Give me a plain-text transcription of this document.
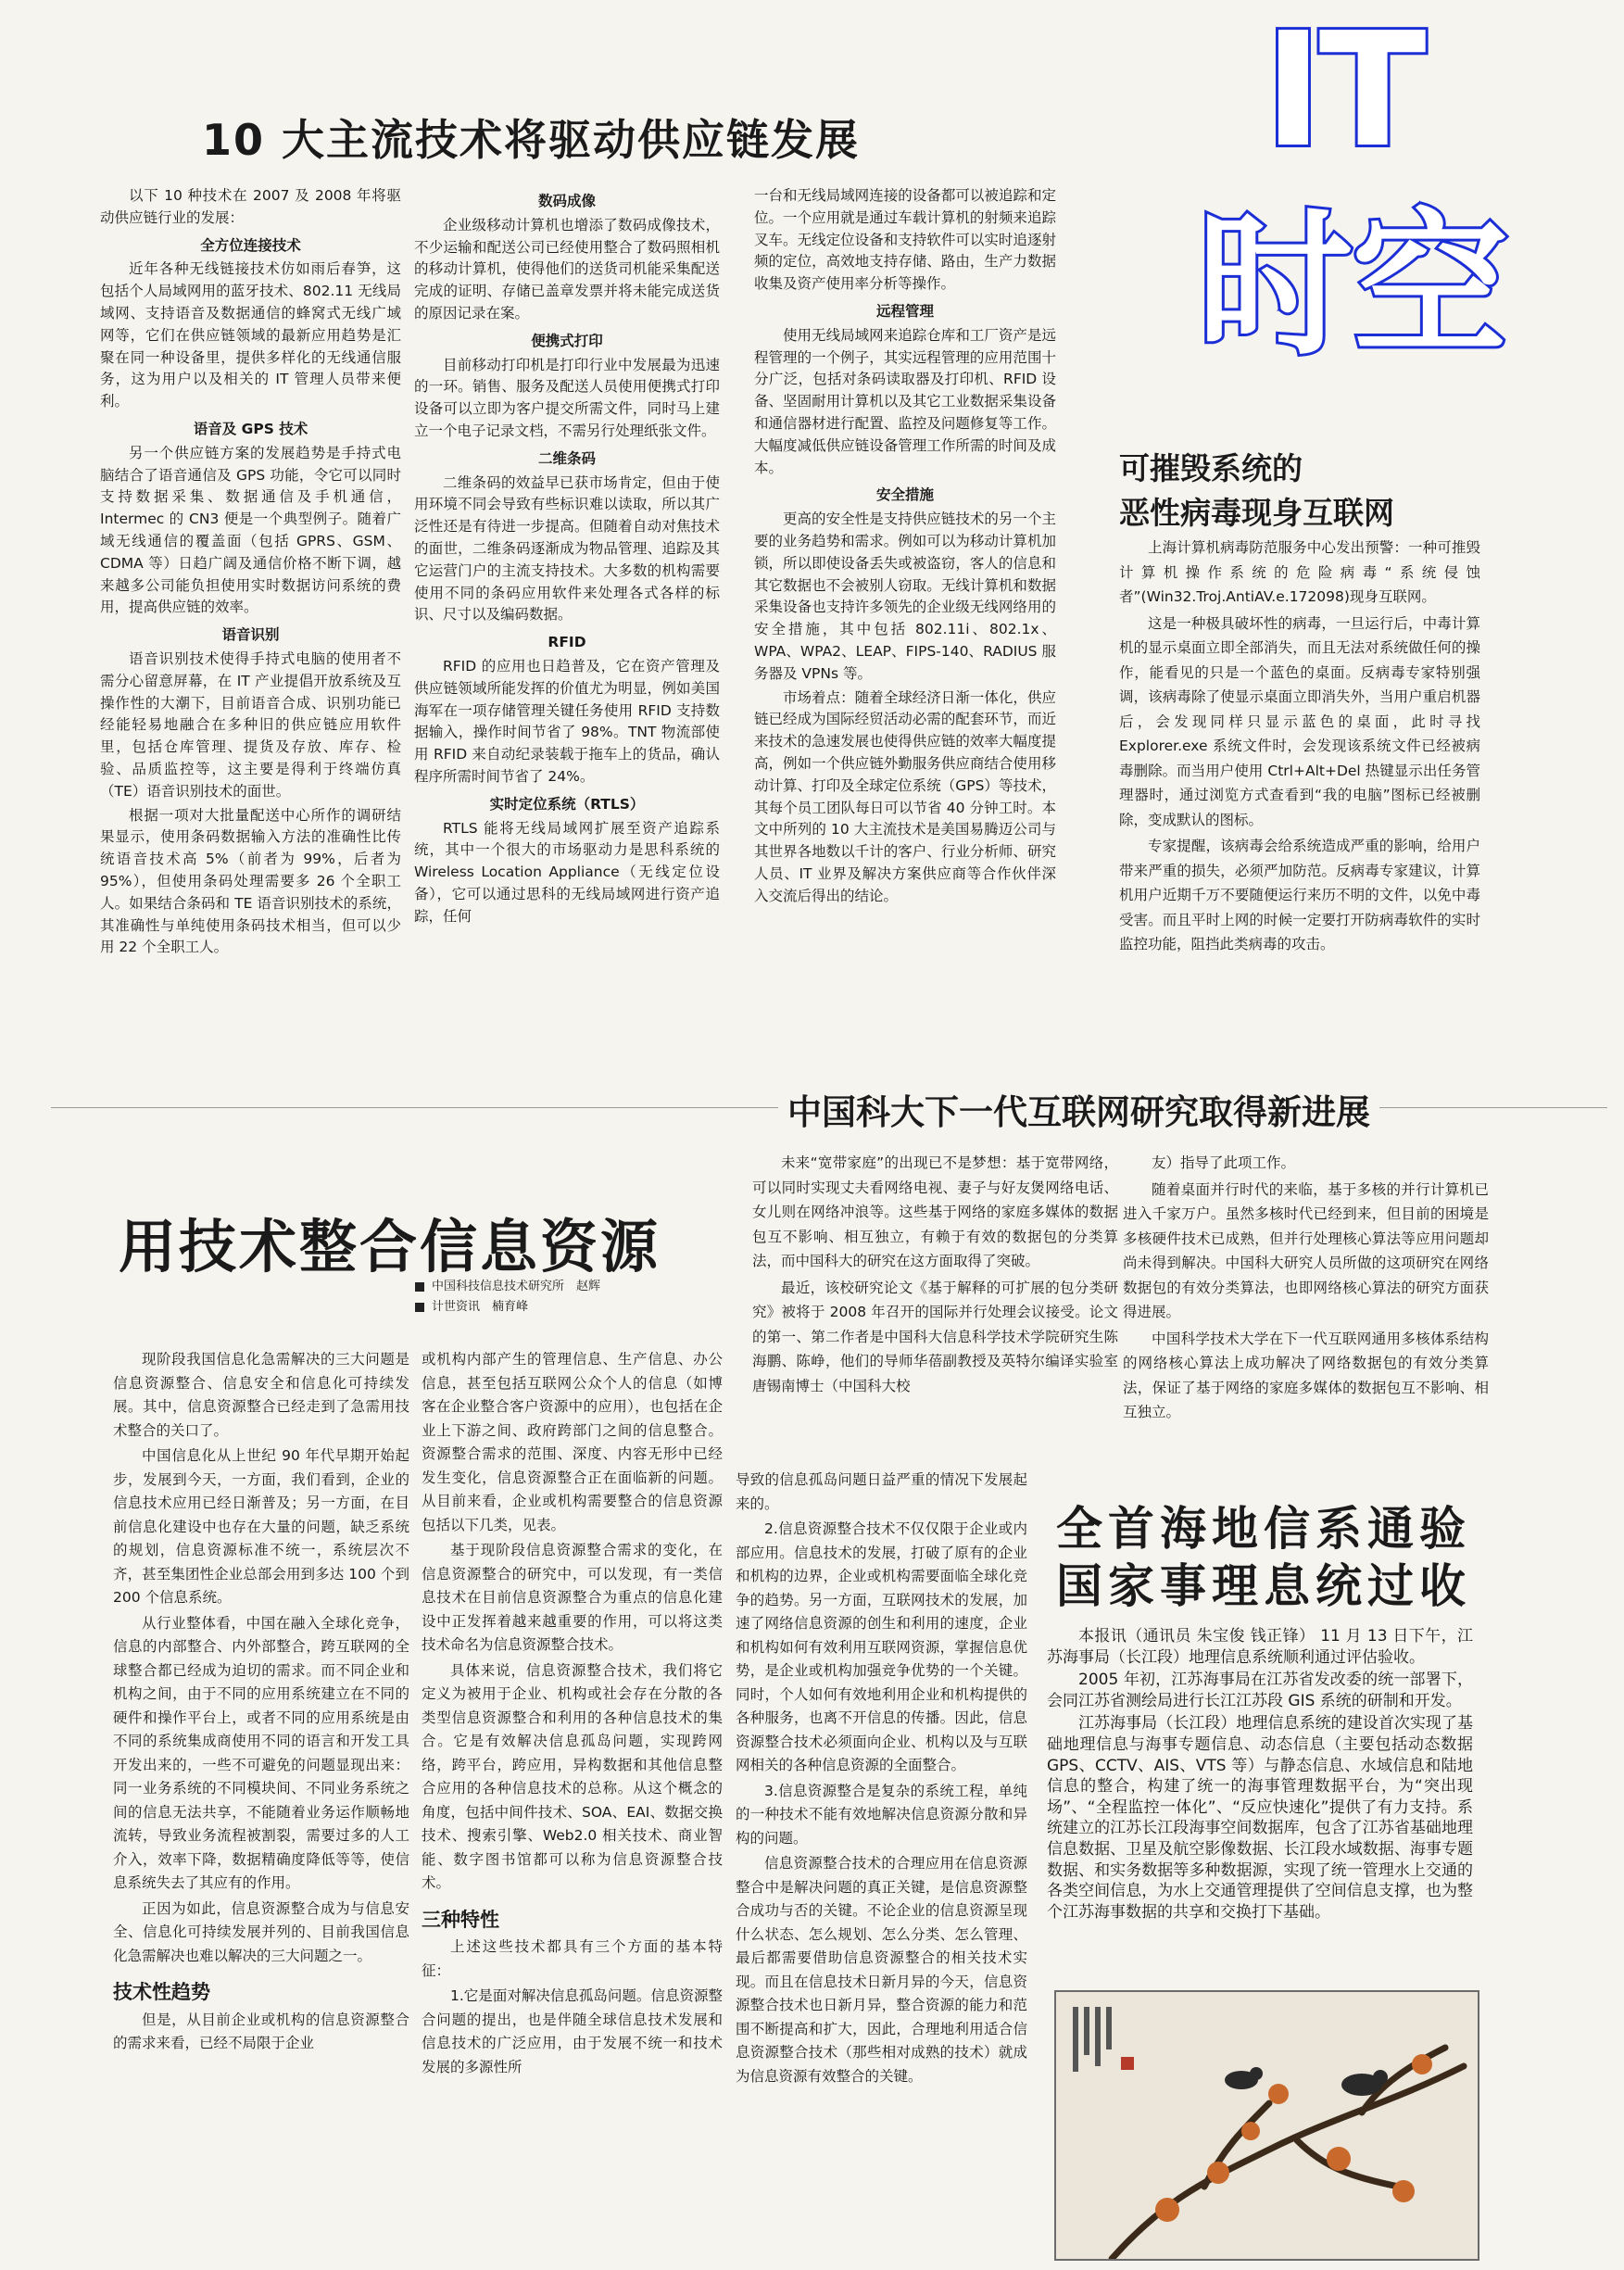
10 大主流技术将驱动供应链发展

以下 10 种技术在 2007 及 2008 年将驱动供应链行业的发展：

全方位连接技术

近年各种无线链接技术仿如雨后春笋，这包括个人局域网用的蓝牙技术、802.11 无线局域网、支持语音及数据通信的蜂窝式无线广域网等，它们在供应链领域的最新应用趋势是汇聚在同一种设备里，提供多样化的无线通信服务，这为用户以及相关的 IT 管理人员带来便利。

语音及 GPS 技术

另一个供应链方案的发展趋势是手持式电脑结合了语音通信及 GPS 功能，令它可以同时支持数据采集、数据通信及手机通信，Intermec 的 CN3 便是一个典型例子。随着广域无线通信的覆盖面（包括 GPRS、GSM、CDMA 等）日趋广阔及通信价格不断下调，越来越多公司能负担使用实时数据访问系统的费用，提高供应链的效率。

语音识别

语音识别技术使得手持式电脑的使用者不需分心留意屏幕，在 IT 产业提倡开放系统及互操作性的大潮下，目前语音合成、识别功能已经能轻易地融合在多种旧的供应链应用软件里，包括仓库管理、提货及存放、库存、检验、品质监控等，这主要是得利于终端仿真（TE）语音识别技术的面世。

根据一项对大批量配送中心所作的调研结果显示，使用条码数据输入方法的准确性比传统语音技术高 5%（前者为 99%，后者为 95%），但使用条码处理需要多 26 个全职工人。如果结合条码和 TE 语音识别技术的系统，其准确性与单纯使用条码技术相当，但可以少用 22 个全职工人。

数码成像

企业级移动计算机也增添了数码成像技术，不少运输和配送公司已经使用整合了数码照相机的移动计算机，使得他们的送货司机能采集配送完成的证明、存储已盖章发票并将未能完成送货的原因记录在案。

便携式打印

目前移动打印机是打印行业中发展最为迅速的一环。销售、服务及配送人员使用便携式打印设备可以立即为客户提交所需文件，同时马上建立一个电子记录文档，不需另行处理纸张文件。

二维条码

二维条码的效益早已获市场肯定，但由于使用环境不同会导致有些标识难以读取，所以其广泛性还是有待进一步提高。但随着自动对焦技术的面世，二维条码逐渐成为物品管理、追踪及其它运营门户的主流支持技术。大多数的机构需要使用不同的条码应用软件来处理各式各样的标识、尺寸以及编码数据。

RFID

RFID 的应用也日趋普及，它在资产管理及供应链领域所能发挥的价值尤为明显，例如美国海军在一项存储管理关键任务使用 RFID 支持数据输入，操作时间节省了 98%。TNT 物流部使用 RFID 来自动纪录装载于拖车上的货品，确认程序所需时间节省了 24%。

实时定位系统（RTLS）

RTLS 能将无线局域网扩展至资产追踪系统，其中一个很大的市场驱动力是思科系统的 Wireless Location Appliance（无线定位设备），它可以通过思科的无线局域网进行资产追踪，任何

一台和无线局域网连接的设备都可以被追踪和定位。一个应用就是通过车载计算机的射频来追踪叉车。无线定位设备和支持软件可以实时追逐射频的定位，高效地支持存储、路由，生产力数据收集及资产使用率分析等操作。

远程管理

使用无线局域网来追踪仓库和工厂资产是远程管理的一个例子，其实远程管理的应用范围十分广泛，包括对条码读取器及打印机、RFID 设备、坚固耐用计算机以及其它工业数据采集设备和通信器材进行配置、监控及问题修复等工作。大幅度减低供应链设备管理工作所需的时间及成本。

安全措施

更高的安全性是支持供应链技术的另一个主要的业务趋势和需求。例如可以为移动计算机加锁，所以即使设备丢失或被盗窃，客人的信息和其它数据也不会被别人窃取。无线计算机和数据采集设备也支持许多领先的企业级无线网络用的安全措施，其中包括 802.11i、802.1x、WPA、WPA2、LEAP、FIPS-140、RADIUS 服务器及 VPNs 等。

市场着点：随着全球经济日渐一体化，供应链已经成为国际经贸活动必需的配套环节，而近来技术的急速发展也使得供应链的效率大幅度提高，例如一个供应链外勤服务供应商结合使用移动计算、打印及全球定位系统（GPS）等技术，其每个员工团队每日可以节省 40 分钟工时。本文中所列的 10 大主流技术是美国易腾迈公司与其世界各地数以千计的客户、行业分析师、研究人员、IT 业界及解决方案供应商等合作伙伴深入交流后得出的结论。

IT
时空
可摧毁系统的
恶性病毒现身互联网

上海计算机病毒防范服务中心发出预警：一种可推毁计算机操作系统的危险病毒“系统侵蚀者”(Win32.Troj.AntiAV.e.172098)现身互联网。

这是一种极具破坏性的病毒，一旦运行后，中毒计算机的显示桌面立即全部消失，而且无法对系统做任何的操作，能看见的只是一个蓝色的桌面。反病毒专家特别强调，该病毒除了使显示桌面立即消失外，当用户重启机器后，会发现同样只显示蓝色的桌面，此时寻找 Explorer.exe 系统文件时，会发现该系统文件已经被病毒删除。而当用户使用 Ctrl+Alt+Del 热键显示出任务管理器时，通过浏览方式查看到“我的电脑”图标已经被删除，变成默认的图标。

专家提醒，该病毒会给系统造成严重的影响，给用户带来严重的损失，必须严加防范。反病毒专家建议，计算机用户近期千万不要随便运行来历不明的文件，以免中毒受害。而且平时上网的时候一定要打开防病毒软件的实时监控功能，阻挡此类病毒的攻击。

中国科大下一代互联网研究取得新进展

未来“宽带家庭”的出现已不是梦想：基于宽带网络，可以同时实现丈夫看网络电视、妻子与好友煲网络电话、女儿则在网络冲浪等。这些基于网络的家庭多媒体的数据包互不影响、相互独立，有赖于有效的数据包的分类算法，而中国科大的研究在这方面取得了突破。

最近，该校研究论文《基于解释的可扩展的包分类研究》被将于 2008 年召开的国际并行处理会议接受。论文的第一、第二作者是中国科大信息科学技术学院研究生陈海鹏、陈峥，他们的导师华蓓副教授及英特尔编译实验室唐锡南博士（中国科大校

友）指导了此项工作。

随着桌面并行时代的来临，基于多核的并行计算机已进入千家万户。虽然多核时代已经到来，但目前的困境是多核硬件技术已成熟，但并行处理核心算法等应用问题却尚未得到解决。中国科大研究人员所做的这项研究在网络数据包的有效分类算法，也即网络核心算法的研究方面获得进展。

中国科学技术大学在下一代互联网通用多核体系结构的网络核心算法上成功解决了网络数据包的有效分类算法，保证了基于网络的家庭多媒体的数据包互不影响、相互独立。

用技术整合信息资源
中国科技信息技术研究所　赵辉
计世资讯　楠育峰

现阶段我国信息化急需解决的三大问题是信息资源整合、信息安全和信息化可持续发展。其中，信息资源整合已经走到了急需用技术整合的关口了。

中国信息化从上世纪 90 年代早期开始起步，发展到今天，一方面，我们看到，企业的信息技术应用已经日渐普及；另一方面，在目前信息化建设中也存在大量的问题，缺乏系统的规划，信息资源标准不统一，系统层次不齐，甚至集团性企业总部会用到多达 100 个到 200 个信息系统。

从行业整体看，中国在融入全球化竞争，信息的内部整合、内外部整合，跨互联网的全球整合都已经成为迫切的需求。而不同企业和机构之间，由于不同的应用系统建立在不同的硬件和操作平台上，或者不同的应用系统是由不同的系统集成商使用不同的语言和开发工具开发出来的，一些不可避免的问题显现出来：同一业务系统的不同模块间、不同业务系统之间的信息无法共享，不能随着业务运作顺畅地流转，导致业务流程被割裂，需要过多的人工介入，效率下降，数据精确度降低等等，使信息系统失去了其应有的作用。

正因为如此，信息资源整合成为与信息安全、信息化可持续发展并列的、目前我国信息化急需解决也难以解决的三大问题之一。

技术性趋势

但是，从目前企业或机构的信息资源整合的需求来看，已经不局限于企业

或机构内部产生的管理信息、生产信息、办公信息，甚至包括互联网公众个人的信息（如博客在企业整合客户资源中的应用），也包括在企业上下游之间、政府跨部门之间的信息整合。资源整合需求的范围、深度、内容无形中已经发生变化，信息资源整合正在面临新的问题。从目前来看，企业或机构需要整合的信息资源包括以下几类，见表。

基于现阶段信息资源整合需求的变化，在信息资源整合的研究中，可以发现，有一类信息技术在目前信息资源整合为重点的信息化建设中正发挥着越来越重要的作用，可以将这类技术命名为信息资源整合技术。

具体来说，信息资源整合技术，我们将它定义为被用于企业、机构或社会存在分散的各类型信息资源整合和利用的各种信息技术的集合。它是有效解决信息孤岛问题，实现跨网络，跨平台，跨应用，异构数据和其他信息整合应用的各种信息技术的总称。从这个概念的角度，包括中间件技术、SOA、EAI、数据交换技术、搜索引擎、Web2.0 相关技术、商业智能、数字图书馆都可以称为信息资源整合技术。

三种特性

上述这些技术都具有三个方面的基本特征：

1.它是面对解决信息孤岛问题。信息资源整合问题的提出，也是伴随全球信息技术发展和信息技术的广泛应用，由于发展不统一和技术发展的多源性所

导致的信息孤岛问题日益严重的情况下发展起来的。

2.信息资源整合技术不仅仅限于企业或内部应用。信息技术的发展，打破了原有的企业和机构的边界，企业或机构需要面临全球化竞争的趋势。另一方面，互联网技术的发展，加速了网络信息资源的创生和利用的速度，企业和机构如何有效利用互联网资源，掌握信息优势，是企业或机构加强竞争优势的一个关键。同时，个人如何有效地利用企业和机构提供的各种服务，也离不开信息的传播。因此，信息资源整合技术必须面向企业、机构以及与互联网相关的各种信息资源的全面整合。

3.信息资源整合是复杂的系统工程，单纯的一种技术不能有效地解决信息资源分散和异构的问题。

信息资源整合技术的合理应用在信息资源整合中是解决问题的真正关键，是信息资源整合成功与否的关键。不论企业的信息资源呈现什么状态、怎么规划、怎么分类、怎么管理、最后都需要借助信息资源整合的相关技术实现。而且在信息技术日新月异的今天，信息资源整合技术也日新月异，整合资源的能力和范围不断提高和扩大，因此，合理地利用适合信息资源整合技术（那些相对成熟的技术）就成为信息资源有效整合的关键。

全首海地信系通验
国家事理息统过收

本报讯（通讯员 朱宝俊 钱正锋） 11 月 13 日下午，江苏海事局（长江段）地理信息系统顺利通过评估验收。

2005 年初，江苏海事局在江苏省发改委的统一部署下，会同江苏省测绘局进行长江江苏段 GIS 系统的研制和开发。

江苏海事局（长江段）地理信息系统的建设首次实现了基础地理信息与海事专题信息、动态信息（主要包括动态数据 GPS、CCTV、AIS、VTS 等）与静态信息、水域信息和陆地信息的整合，构建了统一的海事管理数据平台，为“突出现场”、“全程监控一体化”、“反应快速化”提供了有力支持。系统建立的江苏长江段海事空间数据库，包含了江苏省基础地理信息数据、卫星及航空影像数据、长江段水域数据、海事专题数据、和实务数据等多种数据源，实现了统一管理水上交通的各类空间信息，为水上交通管理提供了空间信息支撑，也为整个江苏海事数据的共享和交换打下基础。
